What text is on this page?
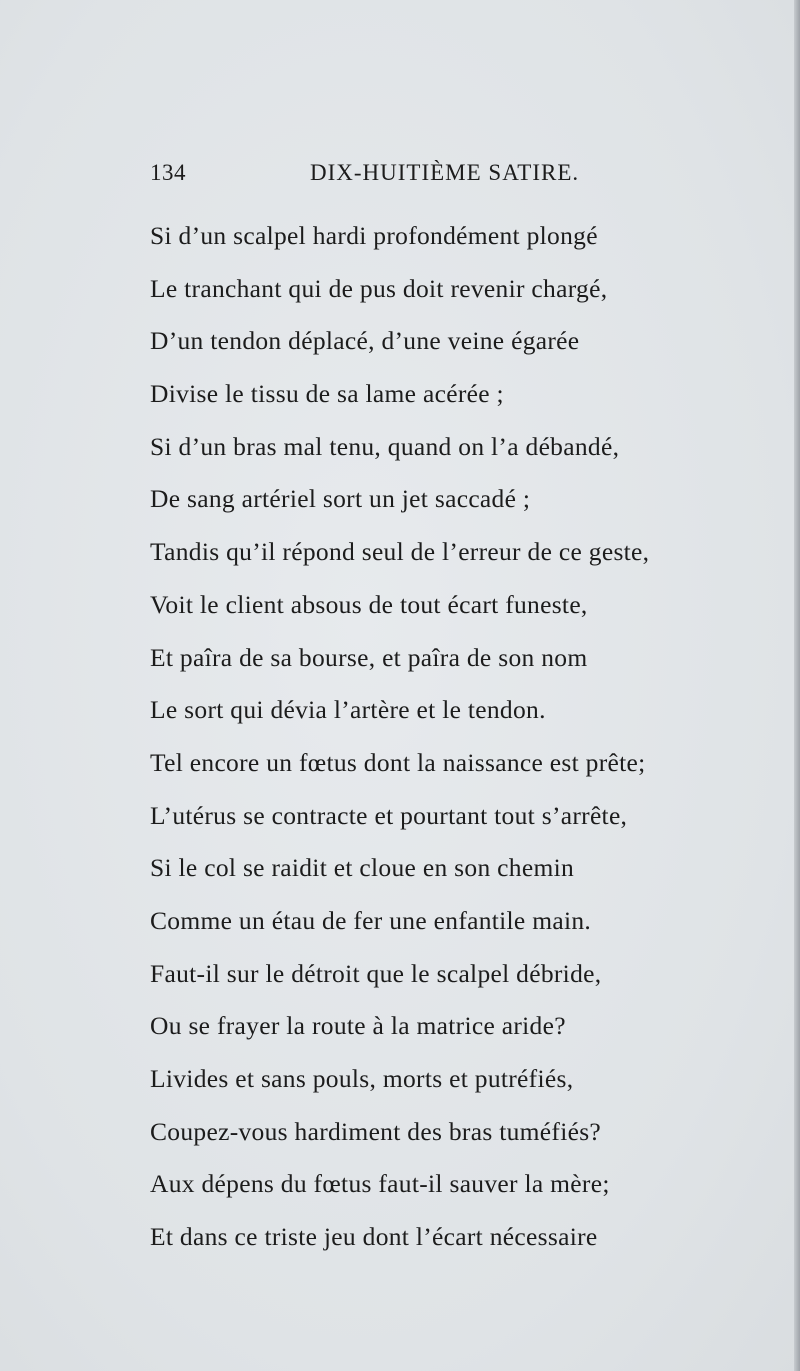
134	DIX-HUITIÈME SATIRE.
Si d’un scalpel hardi profondément plongé
Le tranchant qui de pus doit revenir chargé,
D’un tendon déplacé, d’une veine égarée
Divise le tissu de sa lame acérée ;
Si d’un bras mal tenu, quand on l’a débandé,
De sang artériel sort un jet saccadé ;
Tandis qu’il répond seul de l’erreur de ce geste,
Voit le client absous de tout écart funeste,
Et paîra de sa bourse, et paîra de son nom
Le sort qui dévia l’artère et le tendon.
Tel encore un fœtus dont la naissance est prête;
L’utérus se contracte et pourtant tout s’arrête,
Si le col se raidit et cloue en son chemin
Comme un étau de fer une enfantile main.
Faut-il sur le détroit que le scalpel débride,
Ou se frayer la route à la matrice aride?
Livides et sans pouls, morts et putréfiés,
Coupez-vous hardiment des bras tuméfiés?
Aux dépens du fœtus faut-il sauver la mère;
Et dans ce triste jeu dont l’écart nécessaire
